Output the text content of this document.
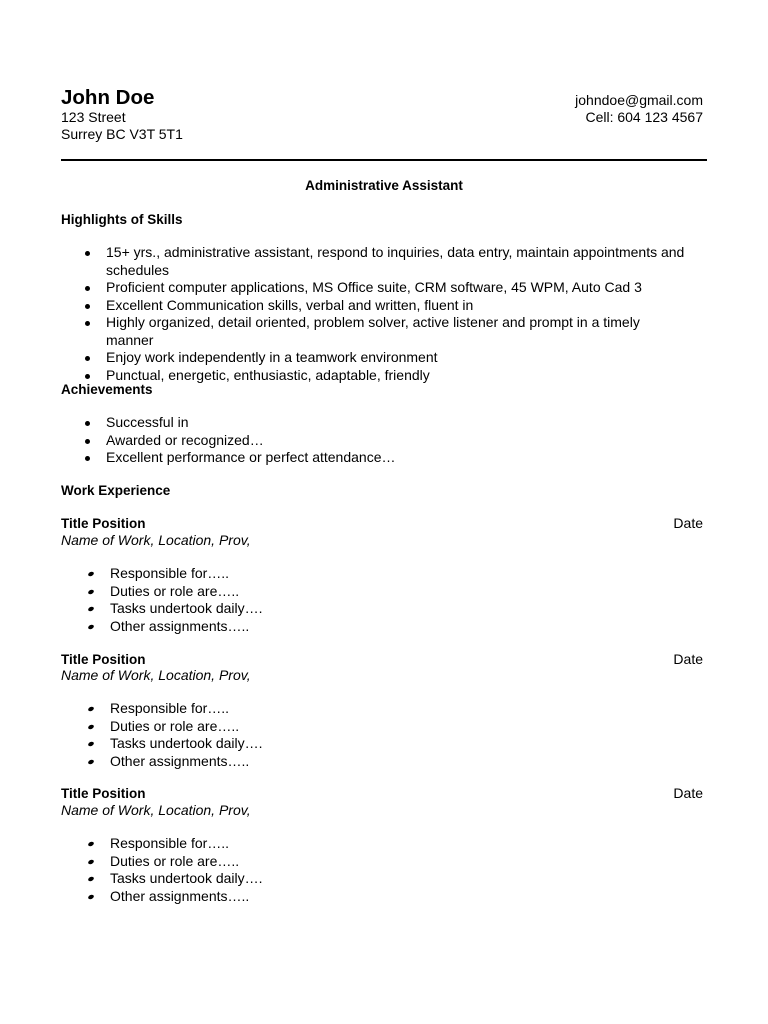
John Doe
123 Street
Surrey BC V3T 5T1
johndoe@gmail.com
Cell: 604 123 4567
Administrative Assistant
Highlights of Skills
15+ yrs., administrative assistant, respond to inquiries, data entry, maintain appointments and schedules
Proficient computer applications, MS Office suite, CRM software, 45 WPM, Auto Cad 3
Excellent Communication skills, verbal and written, fluent in
Highly organized, detail oriented, problem solver, active listener and prompt in a timely manner
Enjoy work independently in a teamwork environment
Punctual, energetic, enthusiastic, adaptable, friendly
Achievements
Successful in
Awarded or recognized…
Excellent performance or perfect attendance…
Work Experience
Title Position	Date
Name of Work, Location, Prov,
Responsible for…..
Duties or role are…..
Tasks undertook daily….
Other assignments…..
Title Position	Date
Name of Work, Location, Prov,
Responsible for…..
Duties or role are…..
Tasks undertook daily….
Other assignments…..
Title Position	Date
Name of Work, Location, Prov,
Responsible for…..
Duties or role are…..
Tasks undertook daily….
Other assignments…..
